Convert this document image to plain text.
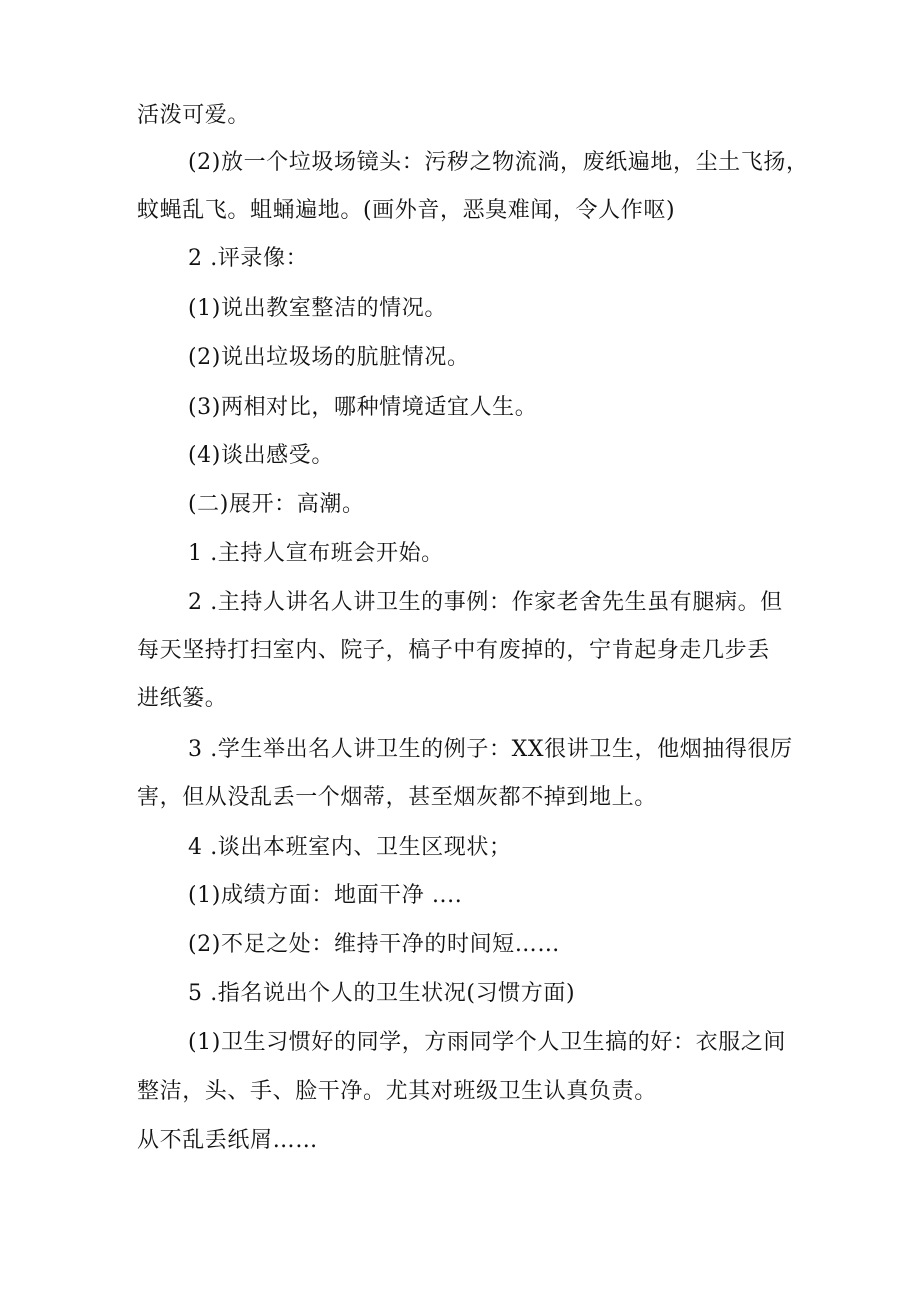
活泼可爱。
(2)放一个垃圾场镜头：污秽之物流淌，废纸遍地，尘土飞扬，
蚊蝇乱飞。蛆蛹遍地。(画外音，恶臭难闻，令人作呕)
2 .评录像：
(1)说出教室整洁的情况。
(2)说出垃圾场的肮脏情况。
(3)两相对比，哪种情境适宜人生。
(4)谈出感受。
(二)展开：高潮。
1 .主持人宣布班会开始。
2 .主持人讲名人讲卫生的事例：作家老舍先生虽有腿病。但
每天坚持打扫室内、院子，槁子中有废掉的，宁肯起身走几步丢
进纸篓。
3 .学生举出名人讲卫生的例子：XX很讲卫生，他烟抽得很厉
害，但从没乱丢一个烟蒂，甚至烟灰都不掉到地上。
4 .谈出本班室内、卫生区现状；
(1)成绩方面：地面干净 ....
(2)不足之处：维持干净的时间短……
5 .指名说出个人的卫生状况(习惯方面)
(1)卫生习惯好的同学，方雨同学个人卫生搞的好：衣服之间
整洁，头、手、脸干净。尤其对班级卫生认真负责。
从不乱丢纸屑……
